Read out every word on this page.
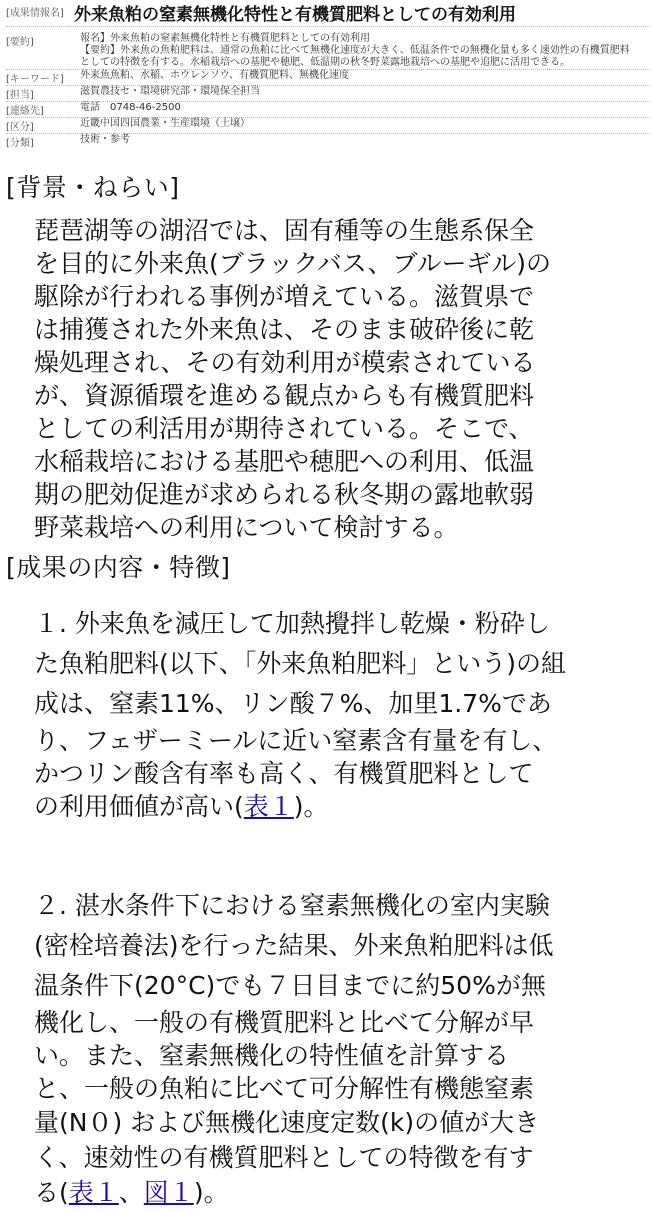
[成果情報名]	外来魚粕の窒素無機化特性と有機質肥料としての有効利用

[要約]	報名】外来魚粕の窒素無機化特性と有機質肥料としての有効利用
【要約】外来魚の魚粕肥料は、通常の魚粕に比べて無機化速度が大きく、低温条件での無機化量も多く速効性の有機質肥料
としての特徴を有する。水稲栽培への基肥や穂肥、低温期の秋冬野菜露地栽培への基肥や追肥に活用できる。

[キーワード]	外来魚魚粕、水稲、ホウレンソウ、有機質肥料、無機化速度
[担当]	滋賀農技セ・環境研究部・環境保全担当
[連絡先]	電話　0748-46-2500
[区分]	近畿中国四国農業・生産環境（土壌）
[分類]	技術・参考
[背景・ねらい]
琵琶湖等の湖沼では、固有種等の生態系保全
を目的に外来魚(ブラックバス、ブルーギル)の
駆除が行われる事例が増えている。滋賀県で
は捕獲された外来魚は、そのまま破砕後に乾
燥処理され、その有効利用が模索されている
が、資源循環を進める観点からも有機質肥料
としての利活用が期待されている。そこで、
水稲栽培における基肥や穂肥への利用、低温
期の肥効促進が求められる秋冬期の露地軟弱
野菜栽培への利用について検討する。
[成果の内容・特徴]
１. 外来魚を減圧して加熱攪拌し乾燥・粉砕し
た魚粕肥料(以下、「外来魚粕肥料」という)の組
成は、窒素11%、リン酸７%、加里1.7%であ
り、フェザーミールに近い窒素含有量を有し、
かつリン酸含有率も高く、有機質肥料として
の利用価値が高い(表１)。
２. 湛水条件下における窒素無機化の室内実験
(密栓培養法)を行った結果、外来魚粕肥料は低
温条件下(20°C)でも７日目までに約50%が無
機化し、一般の有機質肥料と比べて分解が早
い。また、窒素無機化の特性値を計算する
と、一般の魚粕に比べて可分解性有機態窒素
量(N０) および無機化速度定数(k)の値が大き
く、速効性の有機質肥料としての特徴を有す
る(表１、図１)。
